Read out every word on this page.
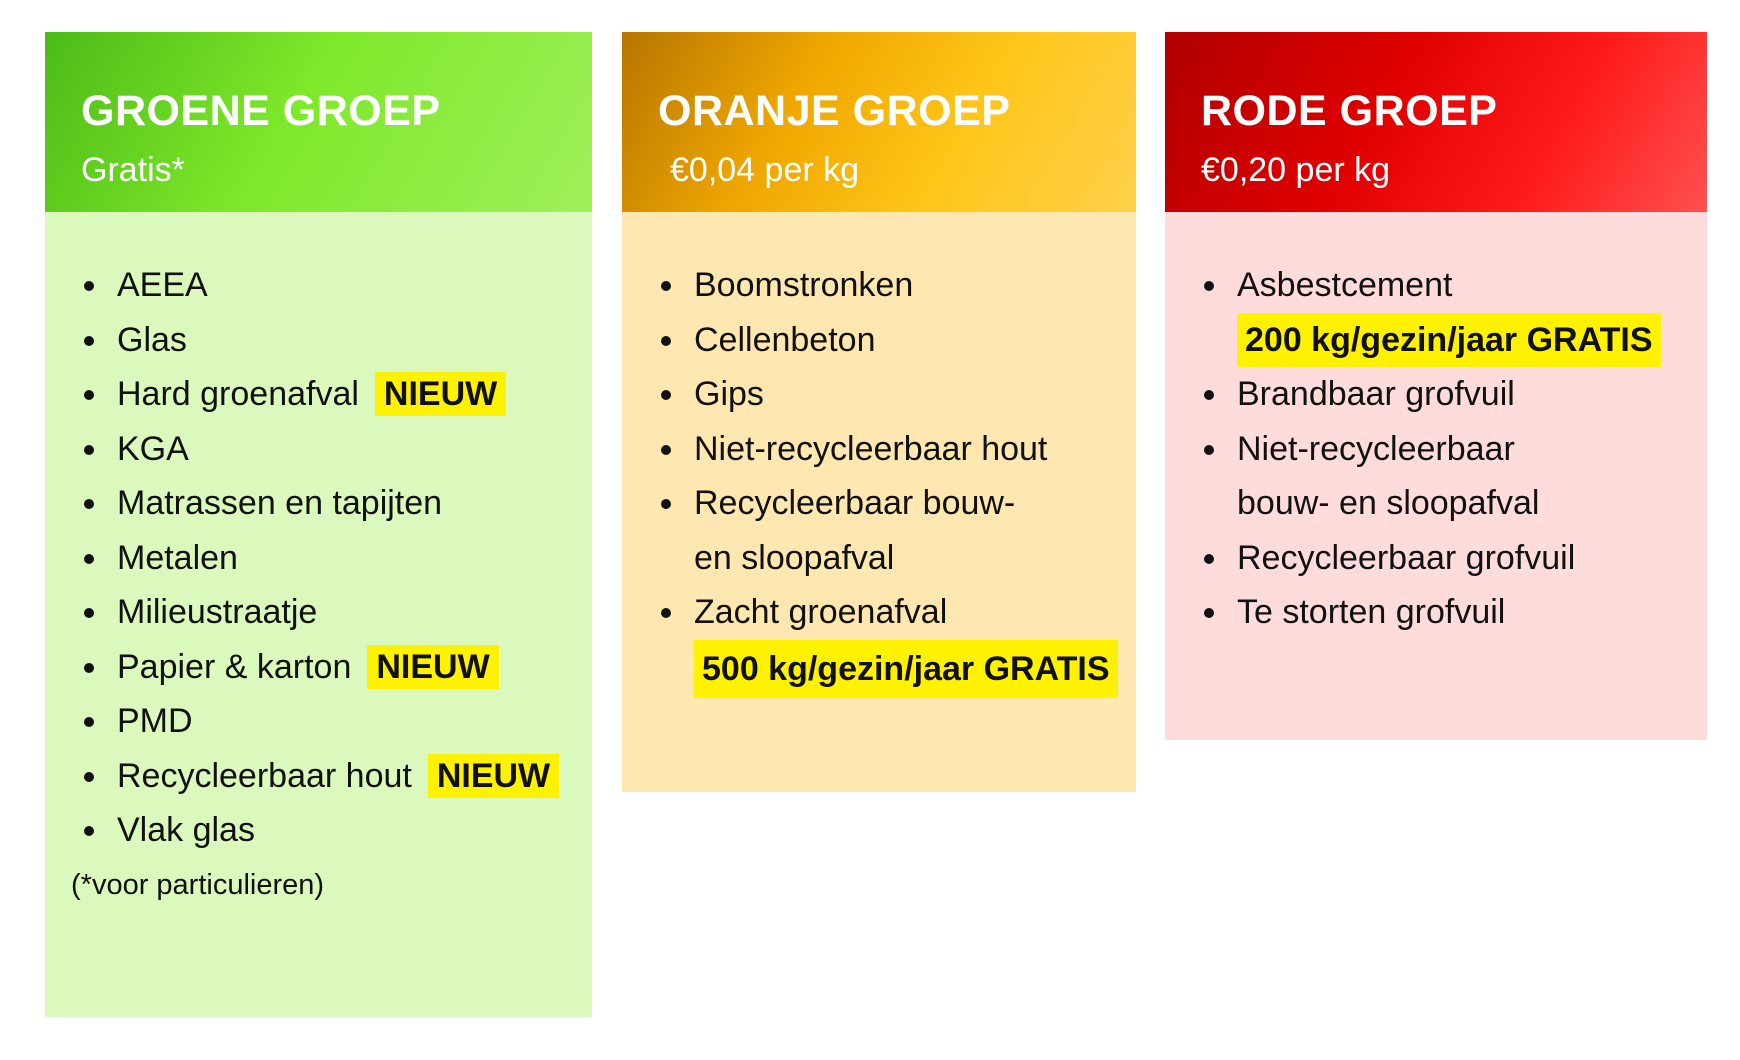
GROENE GROEP
Gratis*
AEEA
Glas
Hard groenafval NIEUW
KGA
Matrassen en tapijten
Metalen
Milieustraatje
Papier & karton NIEUW
PMD
Recycleerbaar hout NIEUW
Vlak glas
(*voor particulieren)
ORANJE GROEP
€0,04 per kg
Boomstronken
Cellenbeton
Gips
Niet-recycleerbaar hout
Recycleerbaar bouw-
en sloopafval
Zacht groenafval
500 kg/gezin/jaar GRATIS
RODE GROEP
€0,20 per kg
Asbestcement
200 kg/gezin/jaar GRATIS
Brandbaar grofvuil
Niet-recycleerbaar
bouw- en sloopafval
Recycleerbaar grofvuil
Te storten grofvuil
